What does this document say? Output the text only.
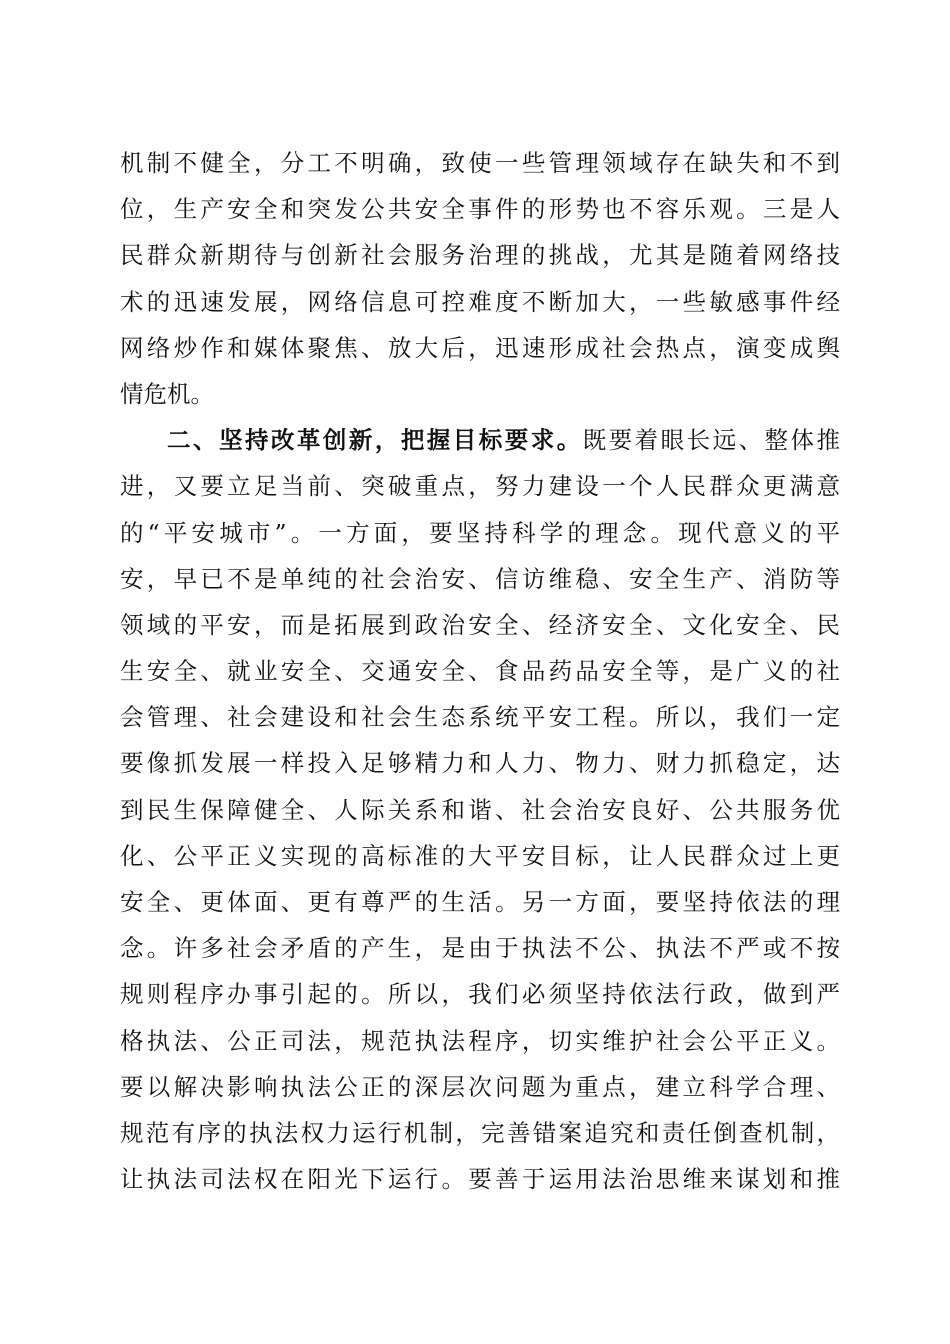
机制不健全，分工不明确，致使一些管理领域存在缺失和不到
位，生产安全和突发公共安全事件的形势也不容乐观。三是人
民群众新期待与创新社会服务治理的挑战，尤其是随着网络技
术的迅速发展，网络信息可控难度不断加大，一些敏感事件经
网络炒作和媒体聚焦、放大后，迅速形成社会热点，演变成舆
情危机。
二、坚持改革创新，把握目标要求。既要着眼长远、整体推
进，又要立足当前、突破重点，努力建设一个人民群众更满意
的“平安城市”。一方面，要坚持科学的理念。现代意义的平
安，早已不是单纯的社会治安、信访维稳、安全生产、消防等
领域的平安，而是拓展到政治安全、经济安全、文化安全、民
生安全、就业安全、交通安全、食品药品安全等，是广义的社
会管理、社会建设和社会生态系统平安工程。所以，我们一定
要像抓发展一样投入足够精力和人力、物力、财力抓稳定，达
到民生保障健全、人际关系和谐、社会治安良好、公共服务优
化、公平正义实现的高标准的大平安目标，让人民群众过上更
安全、更体面、更有尊严的生活。另一方面，要坚持依法的理
念。许多社会矛盾的产生，是由于执法不公、执法不严或不按
规则程序办事引起的。所以，我们必须坚持依法行政，做到严
格执法、公正司法，规范执法程序，切实维护社会公平正义。
要以解决影响执法公正的深层次问题为重点，建立科学合理、
规范有序的执法权力运行机制，完善错案追究和责任倒查机制，
让执法司法权在阳光下运行。要善于运用法治思维来谋划和推
